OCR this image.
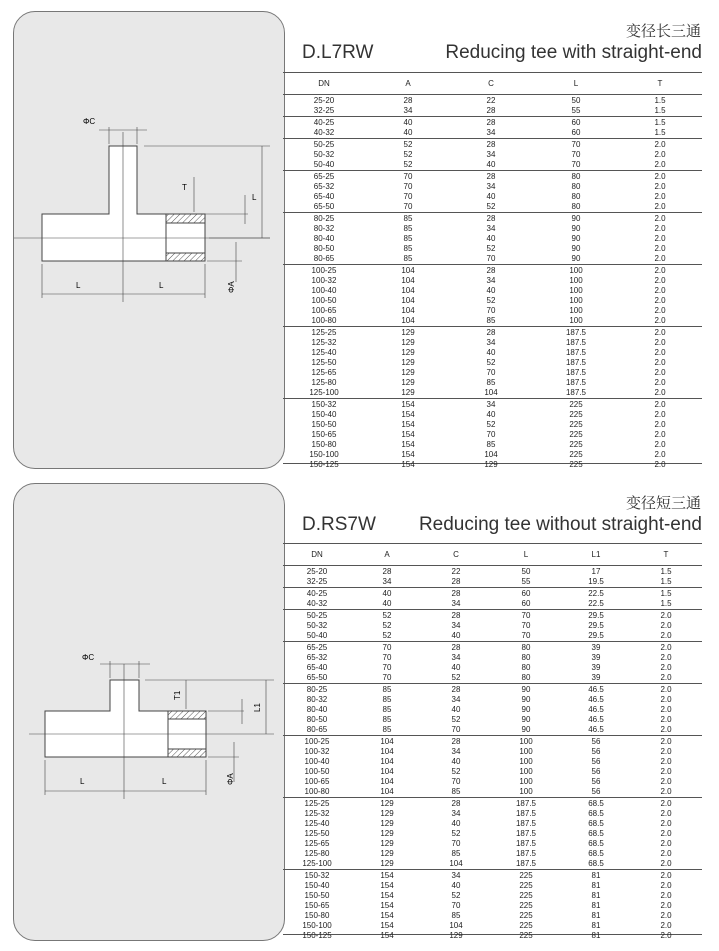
ΦC
T
L
L	L	ΦA
变径长三通
D.L7RW	Reducing tee with straight-end
DN	A	C	L	T
25-20	28	22	50	1.5
32-25	34	28	55	1.5
40-25	40	28	60	1.5
40-32	40	34	60	1.5
50-25	52	28	70	2.0
50-32	52	34	70	2.0
50-40	52	40	70	2.0
65-25	70	28	80	2.0
65-32	70	34	80	2.0
65-40	70	40	80	2.0
65-50	70	52	80	2.0
80-25	85	28	90	2.0
80-32	85	34	90	2.0
80-40	85	40	90	2.0
80-50	85	52	90	2.0
80-65	85	70	90	2.0
100-25	104	28	100	2.0
100-32	104	34	100	2.0
100-40	104	40	100	2.0
100-50	104	52	100	2.0
100-65	104	70	100	2.0
100-80	104	85	100	2.0
125-25	129	28	187.5	2.0
125-32	129	34	187.5	2.0
125-40	129	40	187.5	2.0
125-50	129	52	187.5	2.0
125-65	129	70	187.5	2.0
125-80	129	85	187.5	2.0
125-100	129	104	187.5	2.0
150-32	154	34	225	2.0
150-40	154	40	225	2.0
150-50	154	52	225	2.0
150-65	154	70	225	2.0
150-80	154	85	225	2.0
150-100	154	104	225	2.0
150-125	154	129	225	2.0
ΦC
T1
L1
L	L	ΦA
变径短三通
D.RS7W Reducing tee without straight-end
DN	A	C	L	L1	T
25-20	28	22	50	17	1.5
32-25	34	28	55	19.5	1.5
40-25	40	28	60	22.5	1.5
40-32	40	34	60	22.5	1.5
50-25	52	28	70	29.5	2.0
50-32	52	34	70	29.5	2.0
50-40	52	40	70	29.5	2.0
65-25	70	28	80	39	2.0
65-32	70	34	80	39	2.0
65-40	70	40	80	39	2.0
65-50	70	52	80	39	2.0
80-25	85	28	90	46.5	2.0
80-32	85	34	90	46.5	2.0
80-40	85	40	90	46.5	2.0
80-50	85	52	90	46.5	2.0
80-65	85	70	90	46.5	2.0
100-25	104	28	100	56	2.0
100-32	104	34	100	56	2.0
100-40	104	40	100	56	2.0
100-50	104	52	100	56	2.0
100-65	104	70	100	56	2.0
100-80	104	85	100	56	2.0
125-25	129	28	187.5	68.5	2.0
125-32	129	34	187.5	68.5	2.0
125-40	129	40	187.5	68.5	2.0
125-50	129	52	187.5	68.5	2.0
125-65	129	70	187.5	68.5	2.0
125-80	129	85	187.5	68.5	2.0
125-100	129	104	187.5	68.5	2.0
150-32	154	34	225	81	2.0
150-40	154	40	225	81	2.0
150-50	154	52	225	81	2.0
150-65	154	70	225	81	2.0
150-80	154	85	225	81	2.0
150-100	154	104	225	81	2.0
150-125	154	129	225	81	2.0
